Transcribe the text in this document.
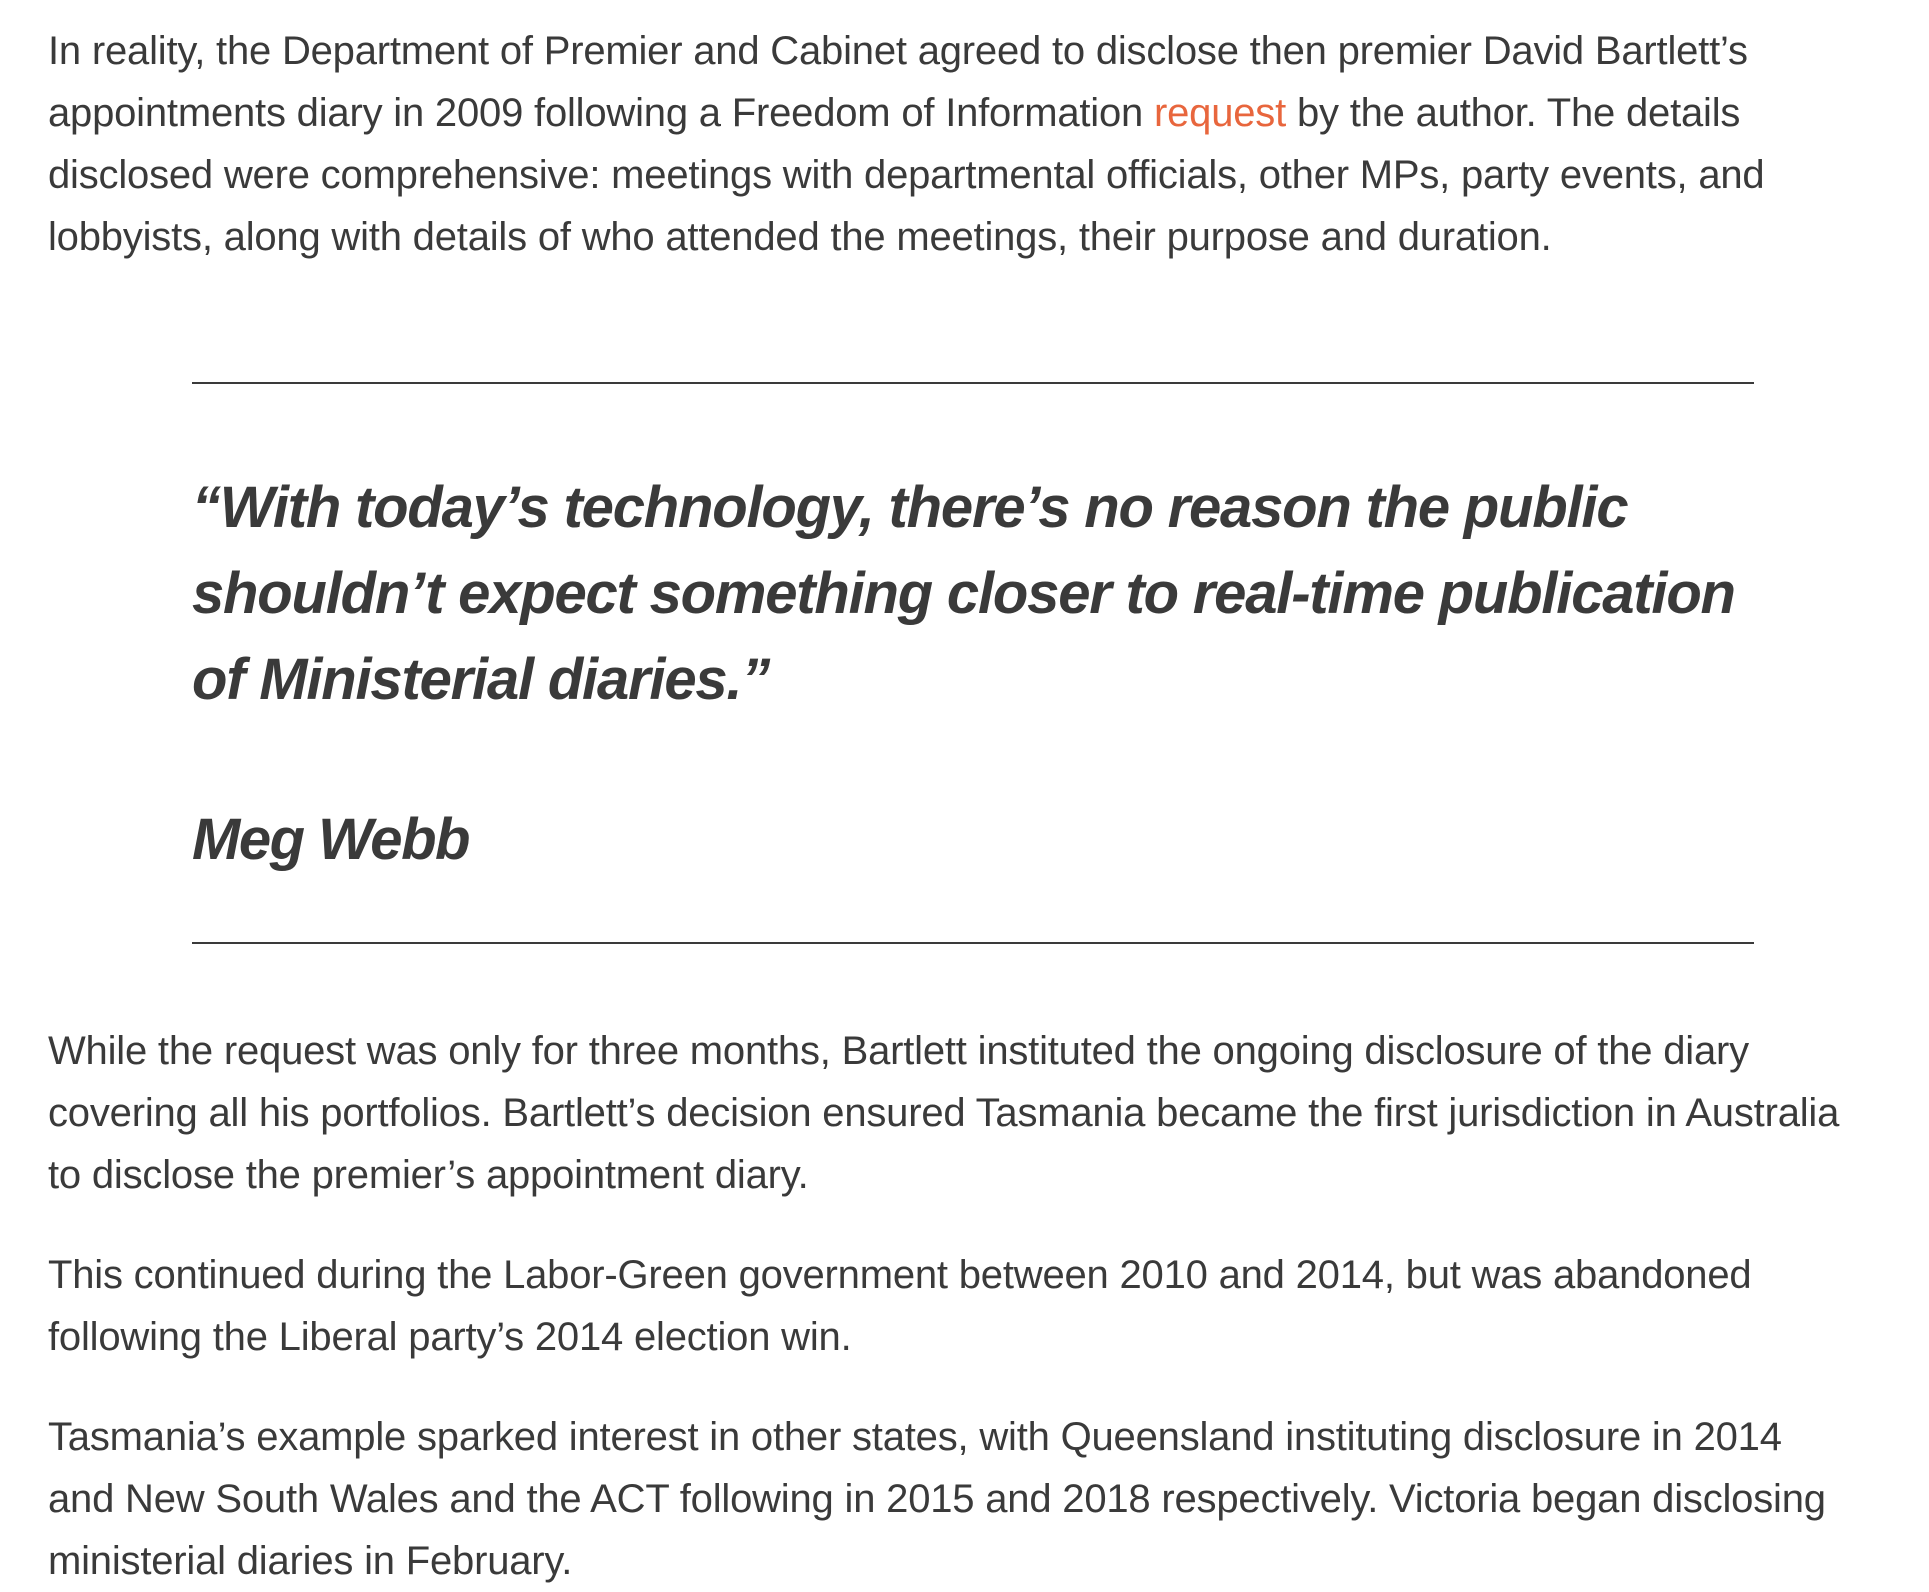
In reality, the Department of Premier and Cabinet agreed to disclose then premier David Bartlett’s appointments diary in 2009 following a Freedom of Information request by the author. The details disclosed were comprehensive: meetings with departmental officials, other MPs, party events, and lobbyists, along with details of who attended the meetings, their purpose and duration.

“With today’s technology, there’s no reason the public shouldn’t expect something closer to real-time publication of Ministerial diaries.”

Meg Webb

While the request was only for three months, Bartlett instituted the ongoing disclosure of the diary covering all his portfolios. Bartlett’s decision ensured Tasmania became the first jurisdiction in Australia to disclose the premier’s appointment diary.

This continued during the Labor-Green government between 2010 and 2014, but was abandoned following the Liberal party’s 2014 election win.

Tasmania’s example sparked interest in other states, with Queensland instituting disclosure in 2014 and New South Wales and the ACT following in 2015 and 2018 respectively. Victoria began disclosing ministerial diaries in February.
